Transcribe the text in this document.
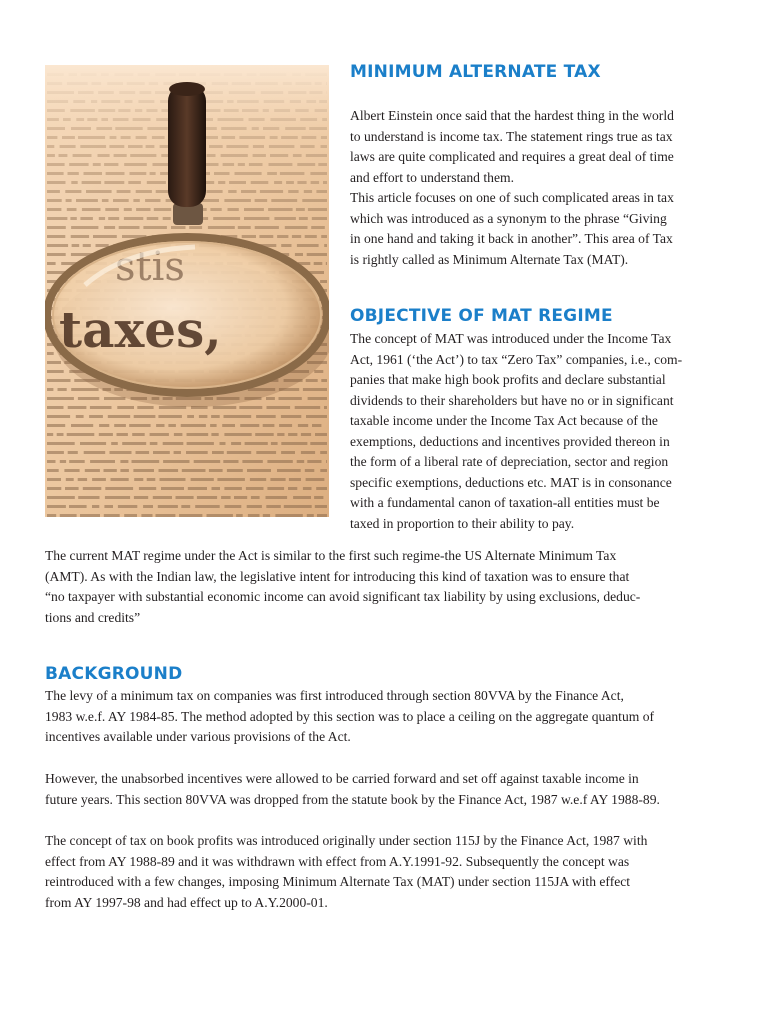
stis
taxes,
MINIMUM ALTERNATE TAX

Albert Einstein once said that the hardest thing in the world
to understand is income tax. The statement rings true as tax
laws are quite complicated and requires a great deal of time
and effort to understand them.
This article focuses on one of such complicated areas in tax
which was introduced as a synonym to the phrase “Giving
in one hand and taking it back in another”. This area of Tax
is rightly called as Minimum Alternate Tax (MAT).

OBJECTIVE OF MAT REGIME

The concept of MAT was introduced under the Income Tax
Act, 1961 (‘the Act’) to tax “Zero Tax” companies, i.e., com-
panies that make high book profits and declare substantial
dividends to their shareholders but have no or in significant
taxable income under the Income Tax Act because of the
exemptions, deductions and incentives provided thereon in
the form of a liberal rate of depreciation, sector and region
specific exemptions, deductions etc. MAT is in consonance
with a fundamental canon of taxation-all entities must be
taxed in proportion to their ability to pay.

The current MAT regime under the Act is similar to the first such regime-the US Alternate Minimum Tax
(AMT). As with the Indian law, the legislative intent for introducing this kind of taxation was to ensure that
“no taxpayer with substantial economic income can avoid significant tax liability by using exclusions, deduc-
tions and credits”

BACKGROUND

The levy of a minimum tax on companies was first introduced through section 80VVA by the Finance Act,
1983 w.e.f. AY 1984-85. The method adopted by this section was to place a ceiling on the aggregate quantum of
incentives available under various provisions of the Act.

However, the unabsorbed incentives were allowed to be carried forward and set off against taxable income in
future years. This section 80VVA was dropped from the statute book by the Finance Act, 1987 w.e.f AY 1988-89.

The concept of tax on book profits was introduced originally under section 115J by the Finance Act, 1987 with
effect from AY 1988-89 and it was withdrawn with effect from A.Y.1991-92. Subsequently the concept was
reintroduced with a few changes, imposing Minimum Alternate Tax (MAT) under section 115JA with effect
from AY 1997-98 and had effect up to A.Y.2000-01.
